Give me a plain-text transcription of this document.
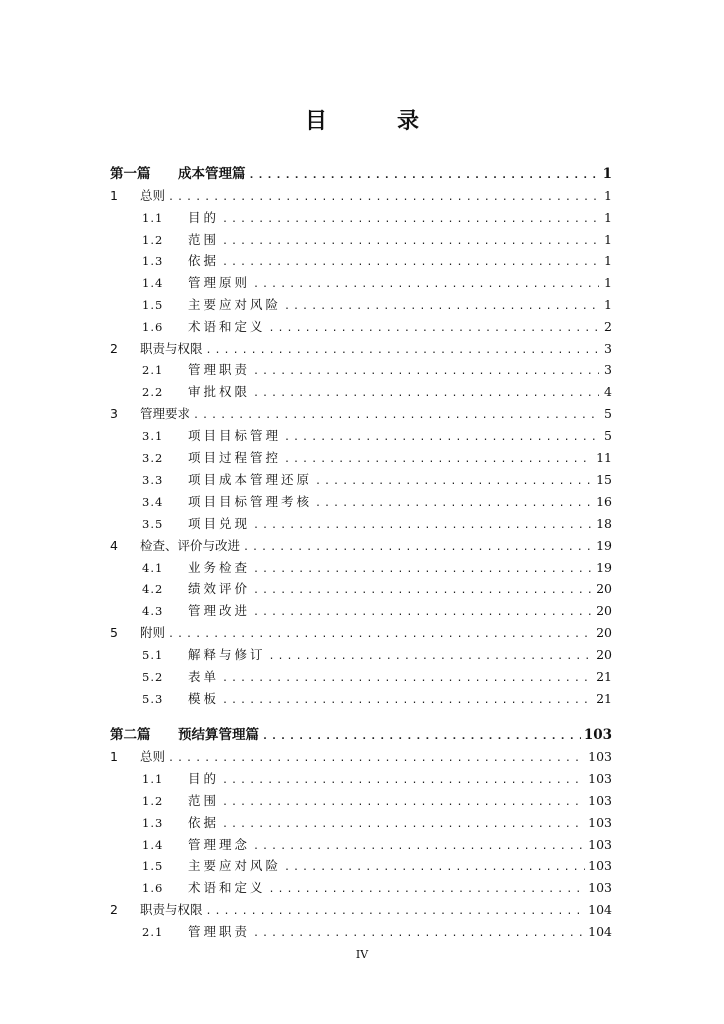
目　录
第一篇	成本管理篇 .....	1
1	总则 .....	1
1.1	目的 .....	1
1.2	范围 .....	1
1.3	依据 .....	1
1.4	管理原则 .....	1
1.5	主要应对风险 .....	1
1.6	术语和定义 .....	2
2	职责与权限 .....	3
2.1	管理职责 .....	3
2.2	审批权限 .....	4
3	管理要求 .....	5
3.1	项目目标管理 .....	5
3.2	项目过程管控 .....	11
3.3	项目成本管理还原 .....	15
3.4	项目目标管理考核 .....	16
3.5	项目兑现 .....	18
4	检查、评价与改进 .....	19
4.1	业务检查 .....	19
4.2	绩效评价 .....	20
4.3	管理改进 .....	20
5	附则 .....	20
5.1	解释与修订 .....	20
5.2	表单 .....	21
5.3	模板 .....	21
第二篇	预结算管理篇 .....	103
1	总则 .....	103
1.1	目的 .....	103
1.2	范围 .....	103
1.3	依据 .....	103
1.4	管理理念 .....	103
1.5	主要应对风险 .....	103
1.6	术语和定义 .....	103
2	职责与权限 .....	104
2.1	管理职责 .....	104
IV
